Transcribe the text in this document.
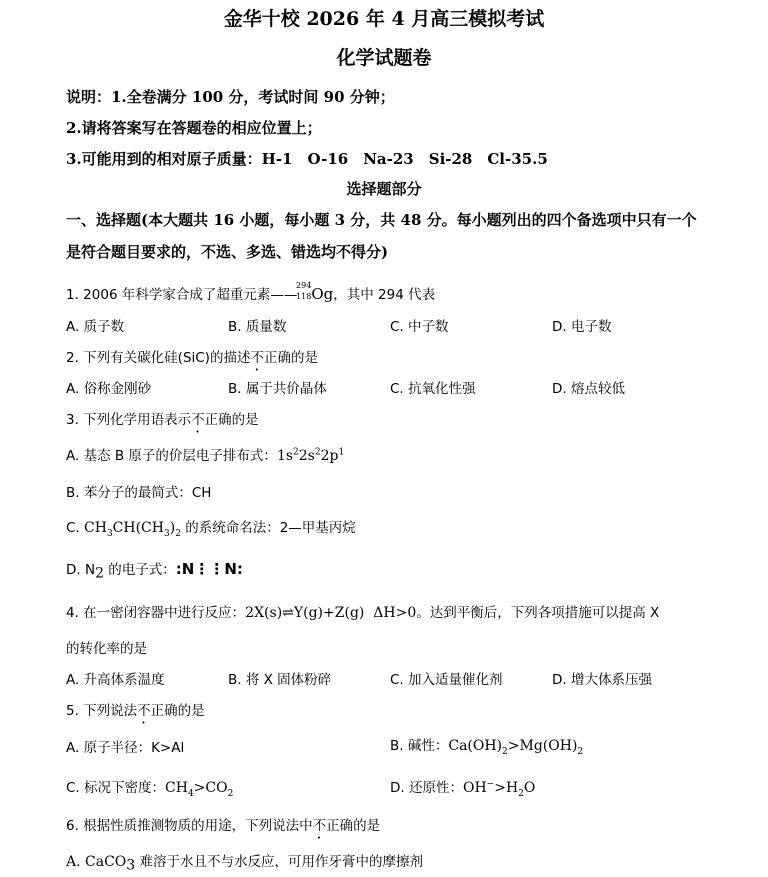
金华十校 2026 年 4 月高三模拟考试
化学试题卷
说明：1.全卷满分 100 分，考试时间 90 分钟；
2.请将答案写在答题卷的相应位置上；
3.可能用到的相对原子质量：H-1　O-16　Na-23　Si-28　Cl-35.5
选择题部分
一、选择题(本大题共 16 小题，每小题 3 分，共 48 分。每小题列出的四个备选项中只有一个
是符合题目要求的，不选、多选、错选均不得分)
1. 2006 年科学家合成了超重元素——
294
118 Og，其中 294 代表
A. 质子数	B. 质量数	C. 中子数	D. 电子数
2. 下列有关碳化硅(SiC)的描述不正确的是
A. 俗称金刚砂	B. 属于共价晶体	C. 抗氧化性强	D. 熔点较低
3. 下列化学用语表示不正确的是
A. 基态 B 原子的价层电子排布式：$1s^22s^22p^1$
B. 苯分子的最简式：CH
C. $CH_3CH(CH_3)_2$ 的系统命名法：2—甲基丙烷
D. $N_2$ 的电子式：:N⋮⋮N:
4. 在一密闭容器中进行反应：2X(s)⇌Y(g)+Z(g)  ΔH>0。达到平衡后，下列各项措施可以提高 X
的转化率的是
A. 升高体系温度	B. 将 X 固体粉碎	C. 加入适量催化剂	D. 增大体系压强
5. 下列说法不正确的是
A. 原子半径：K>Al	B. 碱性：$Ca(OH)_2>Mg(OH)_2$
C. 标况下密度：$CH_4>CO_2$	D. 还原性：$OH^->H_2O$
6. 根据性质推测物质的用途，下列说法中不正确的是
A. CaCO$_3$ 难溶于水且不与水反应，可用作牙膏中的摩擦剂
